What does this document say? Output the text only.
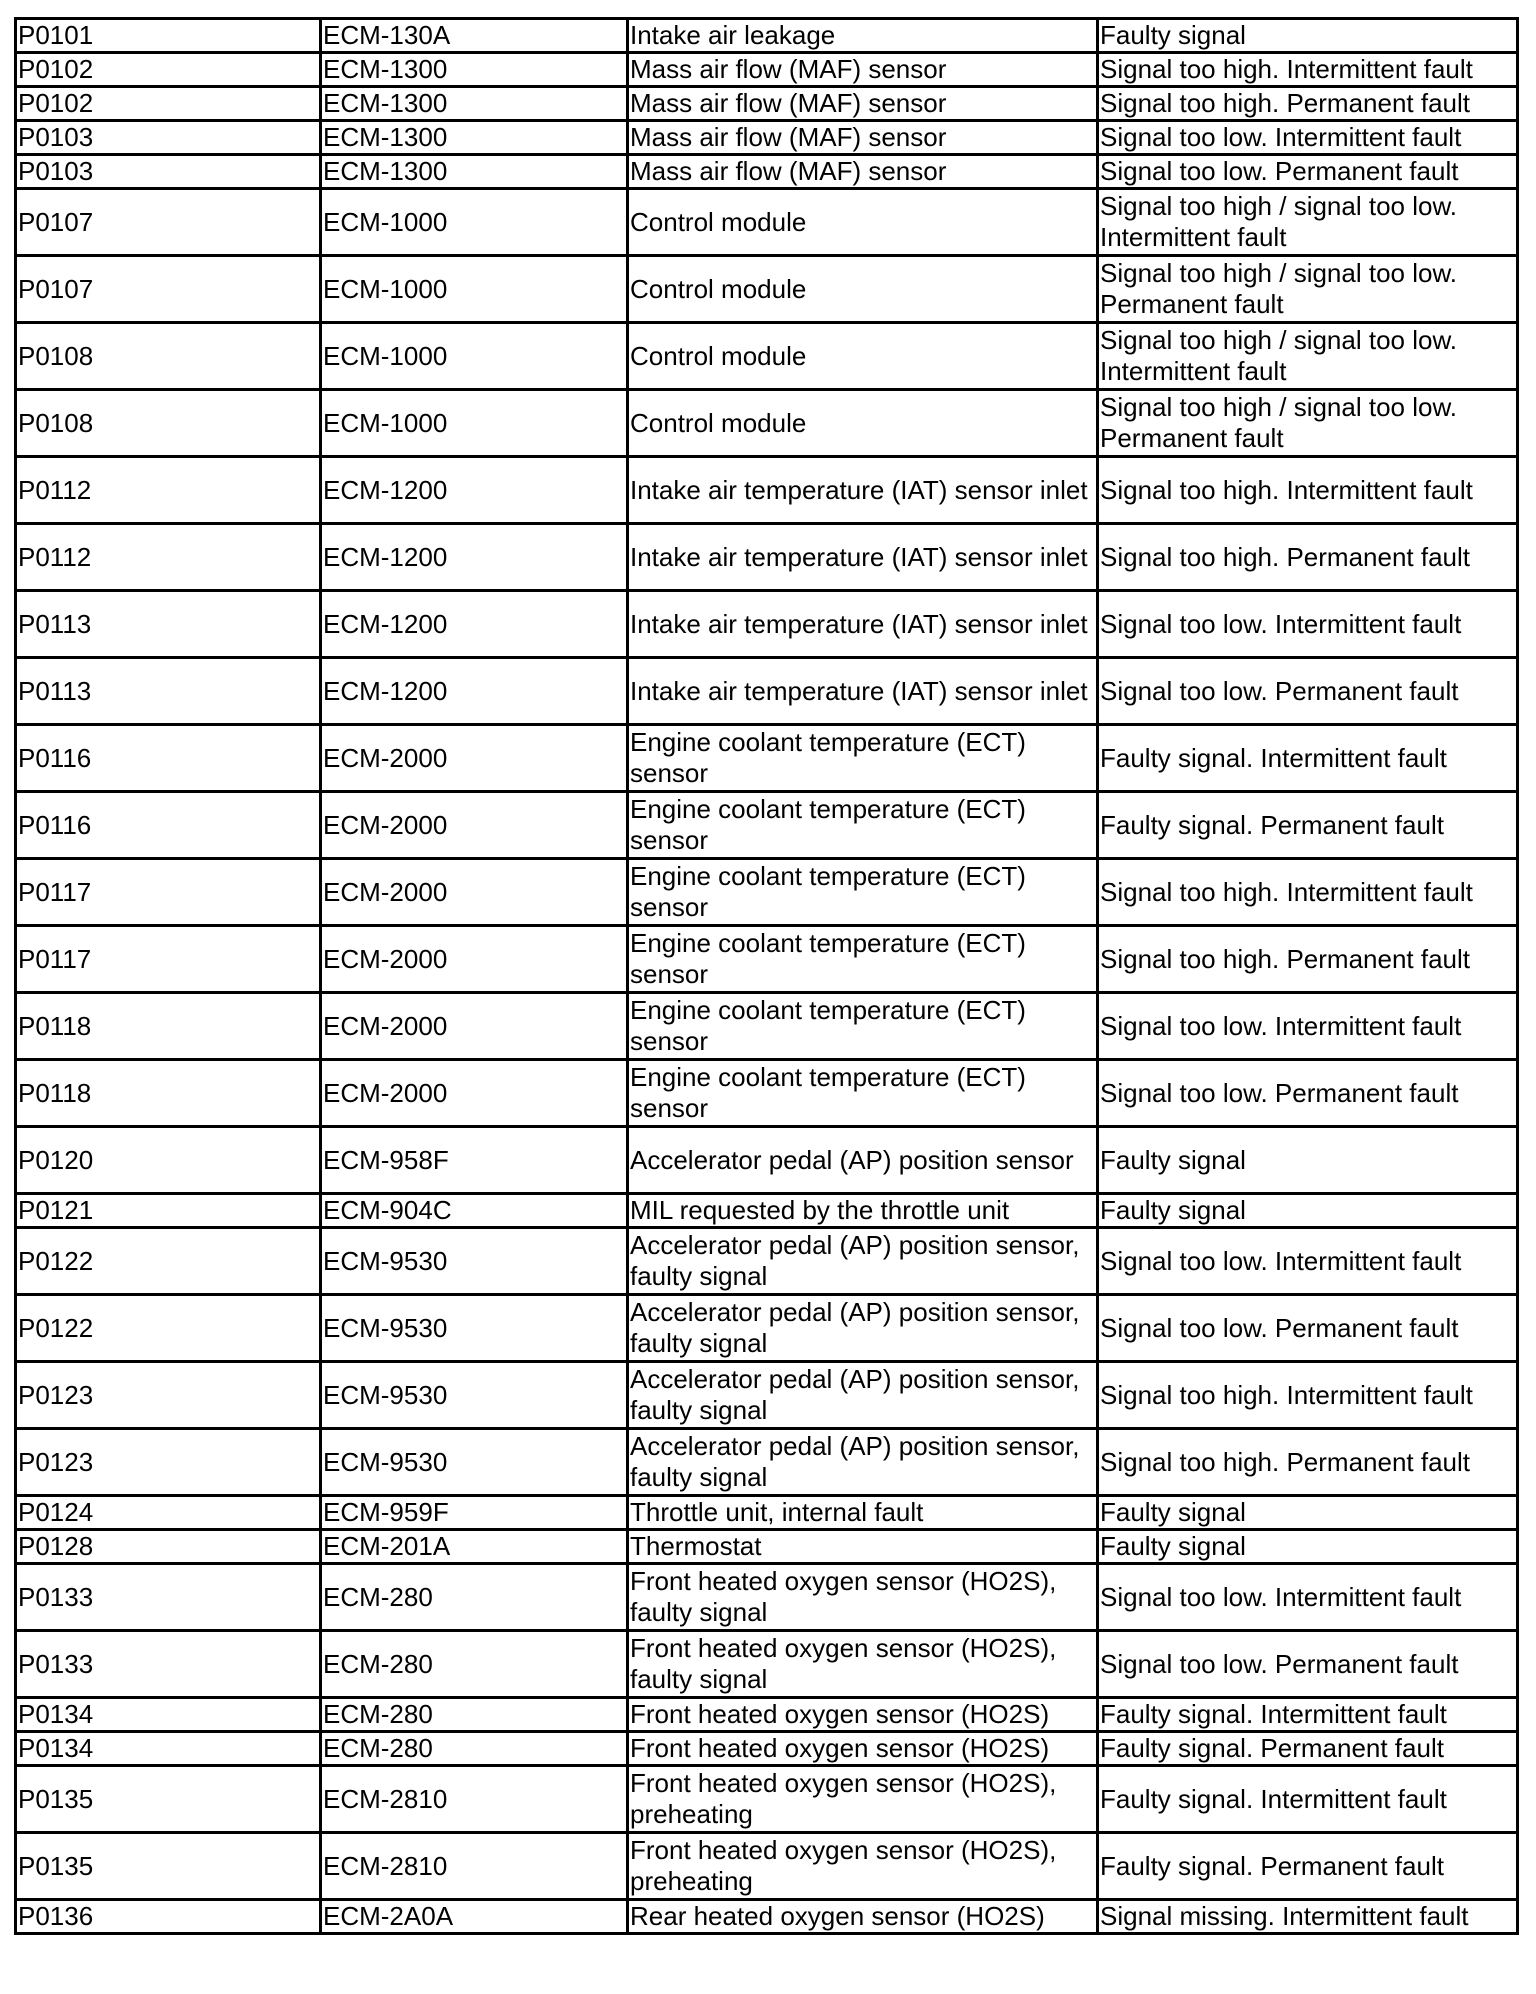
P0101	ECM-130A	Intake air leakage	Faulty signal
P0102	ECM-1300	Mass air flow (MAF) sensor	Signal too high. Intermittent fault
P0102	ECM-1300	Mass air flow (MAF) sensor	Signal too high. Permanent fault
P0103	ECM-1300	Mass air flow (MAF) sensor	Signal too low. Intermittent fault
P0103	ECM-1300	Mass air flow (MAF) sensor	Signal too low. Permanent fault
P0107	ECM-1000	Control module	Signal too high / signal too low. Intermittent fault
P0107	ECM-1000	Control module	Signal too high / signal too low. Permanent fault
P0108	ECM-1000	Control module	Signal too high / signal too low. Intermittent fault
P0108	ECM-1000	Control module	Signal too high / signal too low. Permanent fault
P0112	ECM-1200	Intake air temperature (IAT) sensor inlet	Signal too high. Intermittent fault
P0112	ECM-1200	Intake air temperature (IAT) sensor inlet	Signal too high. Permanent fault
P0113	ECM-1200	Intake air temperature (IAT) sensor inlet	Signal too low. Intermittent fault
P0113	ECM-1200	Intake air temperature (IAT) sensor inlet	Signal too low. Permanent fault
P0116	ECM-2000	Engine coolant temperature (ECT) sensor	Faulty signal. Intermittent fault
P0116	ECM-2000	Engine coolant temperature (ECT) sensor	Faulty signal. Permanent fault
P0117	ECM-2000	Engine coolant temperature (ECT) sensor	Signal too high. Intermittent fault
P0117	ECM-2000	Engine coolant temperature (ECT) sensor	Signal too high. Permanent fault
P0118	ECM-2000	Engine coolant temperature (ECT) sensor	Signal too low. Intermittent fault
P0118	ECM-2000	Engine coolant temperature (ECT) sensor	Signal too low. Permanent fault
P0120	ECM-958F	Accelerator pedal (AP) position sensor	Faulty signal
P0121	ECM-904C	MIL requested by the throttle unit	Faulty signal
P0122	ECM-9530	Accelerator pedal (AP) position sensor, faulty signal	Signal too low. Intermittent fault
P0122	ECM-9530	Accelerator pedal (AP) position sensor, faulty signal	Signal too low. Permanent fault
P0123	ECM-9530	Accelerator pedal (AP) position sensor, faulty signal	Signal too high. Intermittent fault
P0123	ECM-9530	Accelerator pedal (AP) position sensor, faulty signal	Signal too high. Permanent fault
P0124	ECM-959F	Throttle unit, internal fault	Faulty signal
P0128	ECM-201A	Thermostat	Faulty signal
P0133	ECM-280	Front heated oxygen sensor (HO2S), faulty signal	Signal too low. Intermittent fault
P0133	ECM-280	Front heated oxygen sensor (HO2S), faulty signal	Signal too low. Permanent fault
P0134	ECM-280	Front heated oxygen sensor (HO2S)	Faulty signal. Intermittent fault
P0134	ECM-280	Front heated oxygen sensor (HO2S)	Faulty signal. Permanent fault
P0135	ECM-2810	Front heated oxygen sensor (HO2S), preheating	Faulty signal. Intermittent fault
P0135	ECM-2810	Front heated oxygen sensor (HO2S), preheating	Faulty signal. Permanent fault
P0136	ECM-2A0A	Rear heated oxygen sensor (HO2S)	Signal missing. Intermittent fault
